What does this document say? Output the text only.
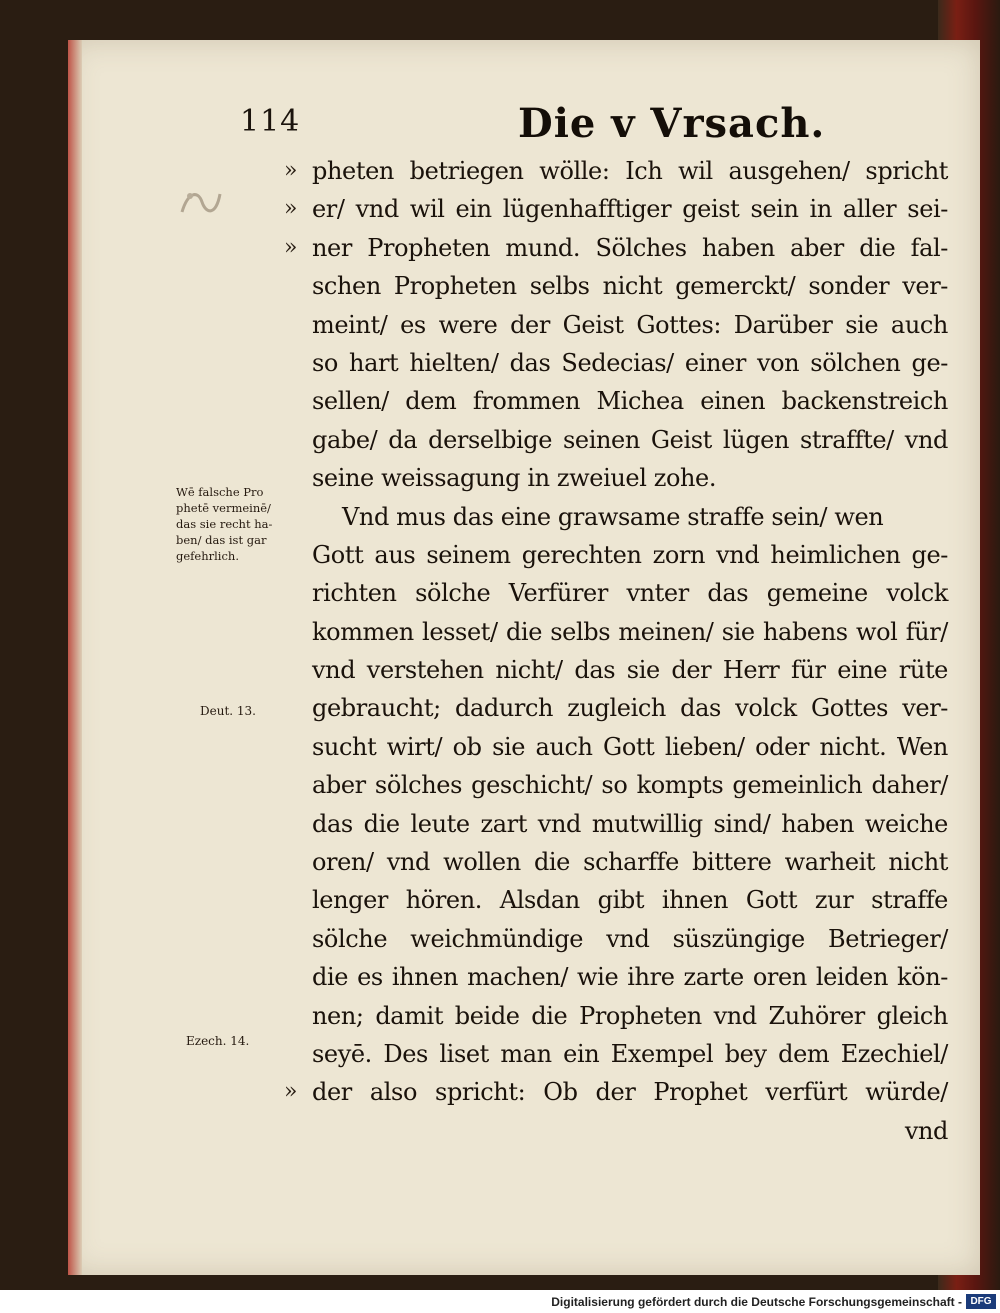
114	Die v Vrsach.
» pheten betriegen wölle: Ich wil ausgehen/ spricht
» er/ vnd wil ein lügenhafftiger geist sein in aller sei-
» ner Propheten mund. Sölches haben aber die fal-
schen Propheten selbs nicht gemerckt/ sonder ver-
meint/ es were der Geist Gottes: Darüber sie auch
so hart hielten/ das Sedecias/ einer von sölchen ge-
sellen/ dem frommen Michea einen backenstreich
gabe/ da derselbige seinen Geist lügen straffte/ vnd
seine weissagung in zweiuel zohe.
Vnd mus das eine grawsame straffe sein/ wen
Gott aus seinem gerechten zorn vnd heimlichen ge-
richten sölche Verfürer vnter das gemeine volck
kommen lesset/ die selbs meinen/ sie habens wol für/
vnd verstehen nicht/ das sie der Herr für eine rüte
gebraucht; dadurch zugleich das volck Gottes ver-
sucht wirt/ ob sie auch Gott lieben/ oder nicht. Wen
aber sölches geschicht/ so kompts gemeinlich daher/
das die leute zart vnd mutwillig sind/ haben weiche
oren/ vnd wollen die scharffe bittere warheit nicht
lenger hören. Alsdan gibt ihnen Gott zur straffe
sölche weichmündige vnd süszüngige Betrieger/
die es ihnen machen/ wie ihre zarte oren leiden kön-
nen; damit beide die Propheten vnd Zuhörer gleich
seyē. Des liset man ein Exempel bey dem Ezechiel/
» der also spricht: Ob der Prophet verfürt würde/
vnd
Wē falsche Pro
phetē vermeinē/
das sie recht ha-
ben/ das ist gar
gefehrlich.
Deut. 13.
Ezech. 14.
Digitalisierung gefördert durch die Deutsche Forschungsgemeinschaft - DFG
